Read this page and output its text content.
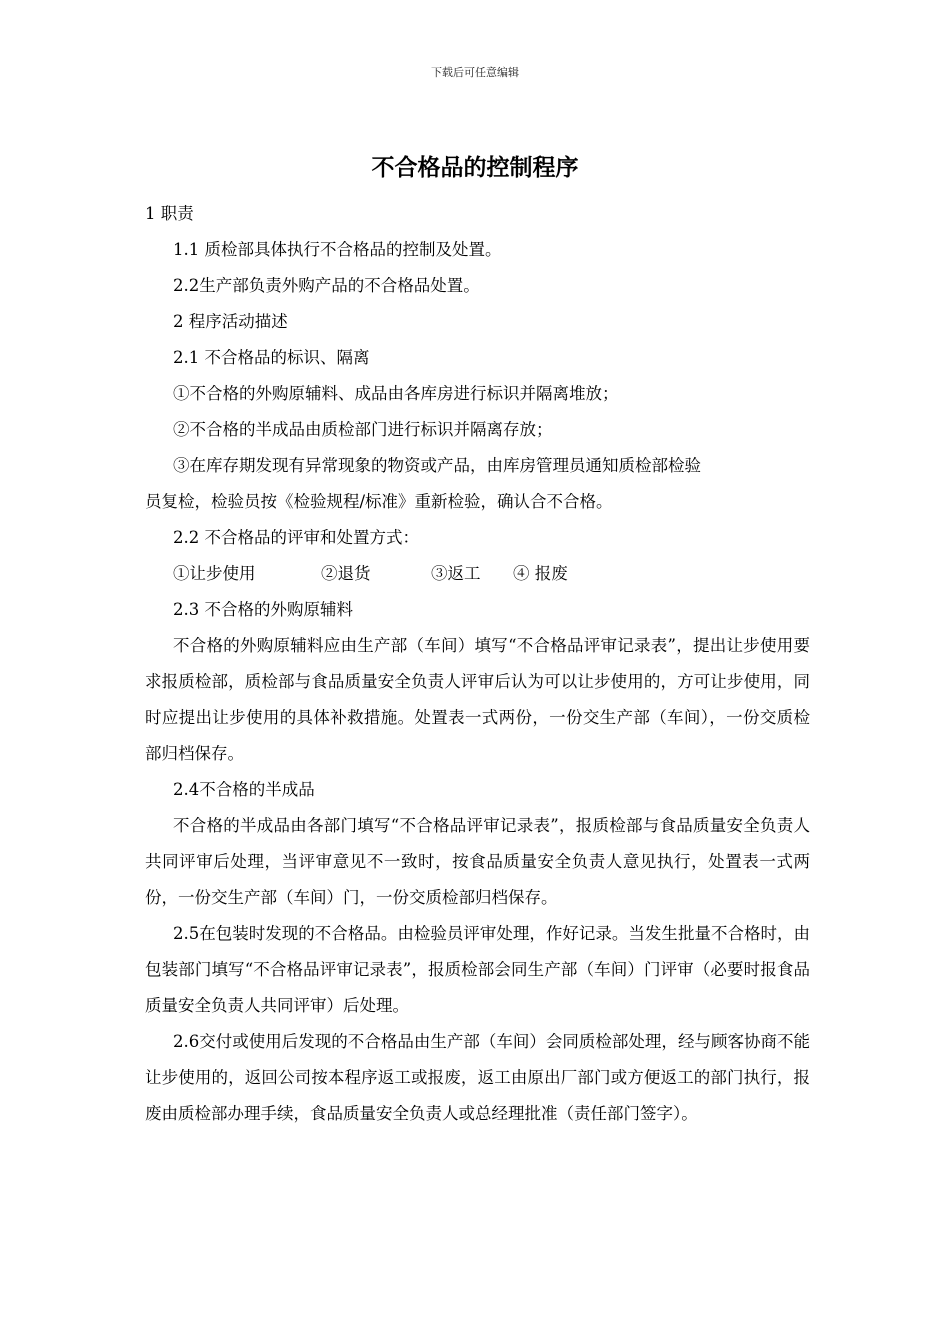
下载后可任意编辑
不合格品的控制程序

1 职责

1.1 质检部具体执行不合格品的控制及处置。

2.2生产部负责外购产品的不合格品处置。

2 程序活动描述

2.1 不合格品的标识、隔离

①不合格的外购原辅料、成品由各库房进行标识并隔离堆放；

②不合格的半成品由质检部门进行标识并隔离存放；

③在库存期发现有异常现象的物资或产品，由库房管理员通知质检部检验

员复检，检验员按《检验规程/标准》重新检验，确认合不合格。

2.2 不合格品的评审和处置方式：

①让步使用	②退货	③返工 ④ 报废

2.3 不合格的外购原辅料

不合格的外购原辅料应由生产部（车间）填写“不合格品评审记录表”，提出让步使用要求报质检部，质检部与食品质量安全负责人评审后认为可以让步使用的，方可让步使用，同时应提出让步使用的具体补救措施。处置表一式两份，一份交生产部（车间），一份交质检部归档保存。

2.4不合格的半成品

不合格的半成品由各部门填写“不合格品评审记录表”，报质检部与食品质量安全负责人共同评审后处理，当评审意见不一致时，按食品质量安全负责人意见执行，处置表一式两份，一份交生产部（车间）门，一份交质检部归档保存。

2.5在包装时发现的不合格品。由检验员评审处理，作好记录。当发生批量不合格时，由包装部门填写“不合格品评审记录表”，报质检部会同生产部（车间）门评审（必要时报食品质量安全负责人共同评审）后处理。

2.6交付或使用后发现的不合格品由生产部（车间）会同质检部处理，经与顾客协商不能让步使用的，返回公司按本程序返工或报废，返工由原出厂部门或方便返工的部门执行，报废由质检部办理手续，食品质量安全负责人或总经理批准（责任部门签字）。
